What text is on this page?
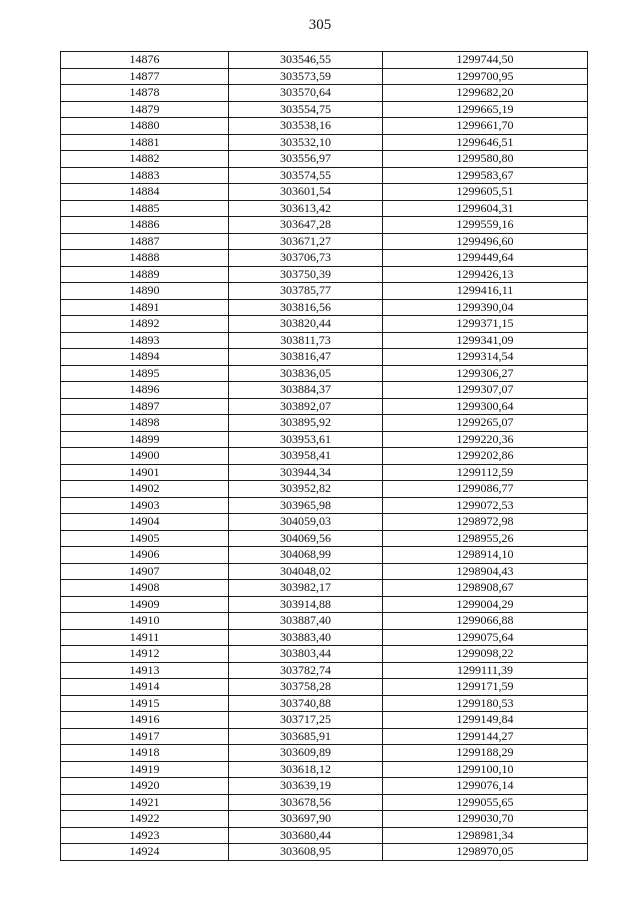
305
14876	303546,55	1299744,50
14877	303573,59	1299700,95
14878	303570,64	1299682,20
14879	303554,75	1299665,19
14880	303538,16	1299661,70
14881	303532,10	1299646,51
14882	303556,97	1299580,80
14883	303574,55	1299583,67
14884	303601,54	1299605,51
14885	303613,42	1299604,31
14886	303647,28	1299559,16
14887	303671,27	1299496,60
14888	303706,73	1299449,64
14889	303750,39	1299426,13
14890	303785,77	1299416,11
14891	303816,56	1299390,04
14892	303820,44	1299371,15
14893	303811,73	1299341,09
14894	303816,47	1299314,54
14895	303836,05	1299306,27
14896	303884,37	1299307,07
14897	303892,07	1299300,64
14898	303895,92	1299265,07
14899	303953,61	1299220,36
14900	303958,41	1299202,86
14901	303944,34	1299112,59
14902	303952,82	1299086,77
14903	303965,98	1299072,53
14904	304059,03	1298972,98
14905	304069,56	1298955,26
14906	304068,99	1298914,10
14907	304048,02	1298904,43
14908	303982,17	1298908,67
14909	303914,88	1299004,29
14910	303887,40	1299066,88
14911	303883,40	1299075,64
14912	303803,44	1299098,22
14913	303782,74	1299111,39
14914	303758,28	1299171,59
14915	303740,88	1299180,53
14916	303717,25	1299149,84
14917	303685,91	1299144,27
14918	303609,89	1299188,29
14919	303618,12	1299100,10
14920	303639,19	1299076,14
14921	303678,56	1299055,65
14922	303697,90	1299030,70
14923	303680,44	1298981,34
14924	303608,95	1298970,05
